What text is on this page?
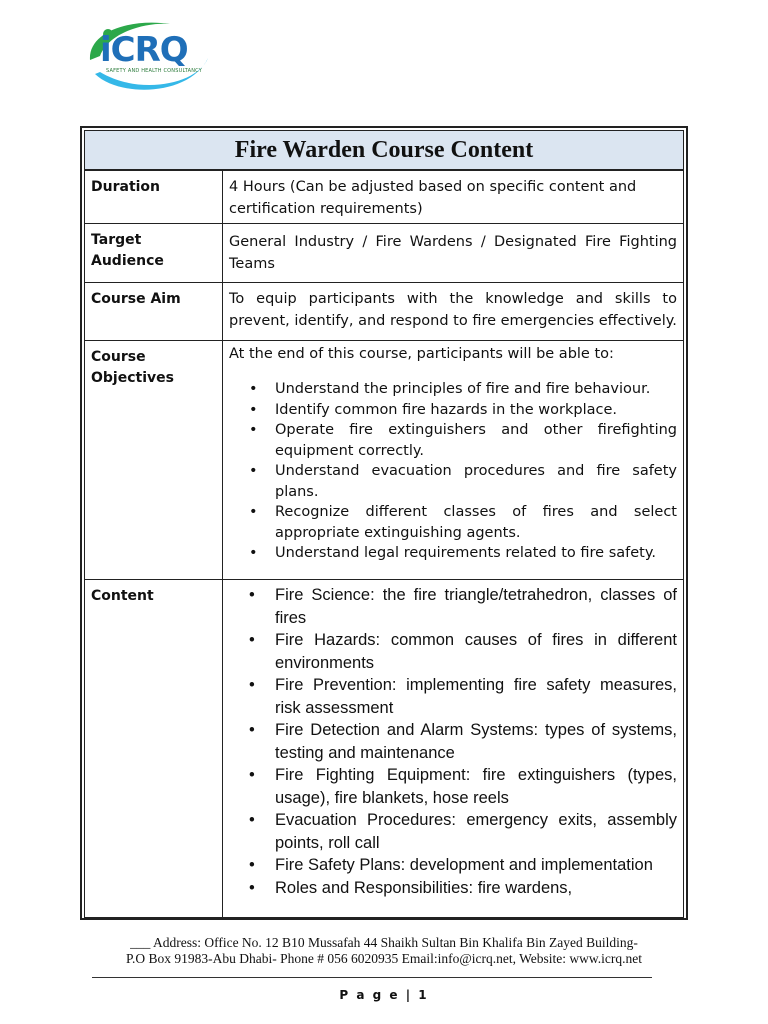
iCRQ
SAFETY AND HEALTH CONSULTANCY
Fire Warden Course Content
Duration	4 Hours (Can be adjusted based on specific content and certification requirements)

Target Audience

General Industry / Fire Wardens / Designated Fire Fighting Teams

Course Aim	To equip participants with the knowledge and skills to prevent, identify, and respond to fire emergencies effectively.

Course Objectives

At the end of this course, participants will be able to:

• Understand the principles of fire and fire behaviour.
• Identify common fire hazards in the workplace.
• Operate fire extinguishers and other firefighting equipment correctly.
• Understand evacuation procedures and fire safety plans.
• Recognize different classes of fires and select appropriate extinguishing agents.
• Understand legal requirements related to fire safety.
Content
•	Fire Science: the fire triangle/tetrahedron, classes of fires
• Fire Hazards: common causes of fires in different environments
• Fire Prevention: implementing fire safety measures, risk assessment
• Fire Detection and Alarm Systems: types of systems, testing and maintenance
• Fire Fighting Equipment: fire extinguishers (types, usage), fire blankets, hose reels
• Evacuation Procedures: emergency exits, assembly points, roll call
• Fire Safety Plans: development and implementation
• Roles and Responsibilities: fire wardens,
___ Address: Office No. 12 B10 Mussafah 44 Shaikh Sultan Bin Khalifa Bin Zayed Building-
P.O Box 91983-Abu Dhabi- Phone # 056 6020935 Email:info@icrq.net, Website: www.icrq.net
P a g e | 1
